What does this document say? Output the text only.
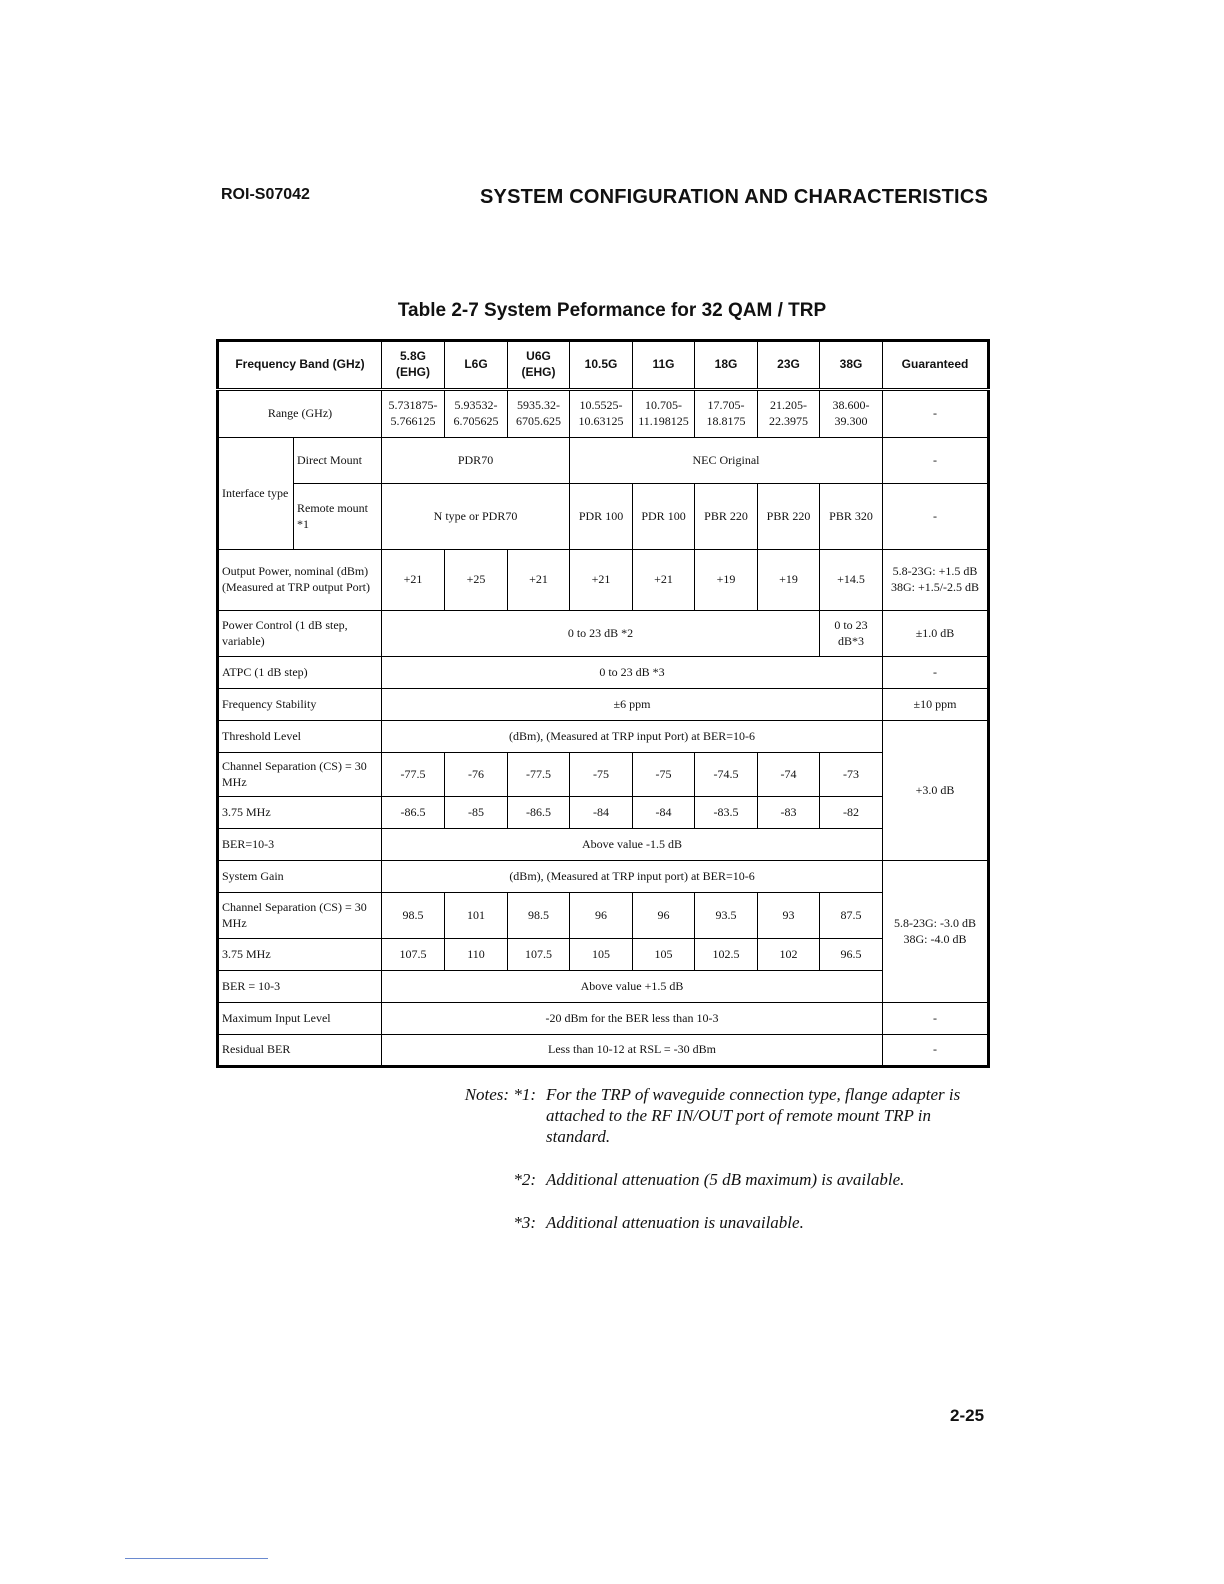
ROI-S07042	SYSTEM CONFIGURATION AND CHARACTERISTICS
Table 2-7 System Peformance for 32 QAM / TRP
Frequency Band (GHz)		5.8G (EHG)	L6G	U6G (EHG)	10.5G	11G	18G	23G	38G	Guaranteed
Range (GHz)		5.731875-5.766125	5.93532-6.705625	5935.32-6705.625	10.5525-10.63125	10.705-11.198125	17.705-18.8175	21.205-22.3975	38.600-39.300	-
Interface type	Direct Mount	PDR70			NEC Original					-
	Remote mount *1	N type or PDR70			PDR 100	PDR 100	PBR 220	PBR 220	PBR 320	-
Output Power, nominal (dBm) (Measured at TRP output Port)		+21	+25	+21	+21	+21	+19	+19	+14.5	5.8-23G: +1.5 dB 38G: +1.5/-2.5 dB
Power Control (1 dB step, variable)		0 to 23 dB *2							0 to 23 dB*3	±1.0 dB
ATPC (1 dB step)		0 to 23 dB *3								-
Frequency Stability		±6 ppm								±10 ppm
Threshold Level		(dBm), (Measured at TRP input Port) at BER=10-6								+3.0 dB
Channel Separation (CS) = 30 MHz		-77.5	-76	-77.5	-75	-75	-74.5	-74	-73	
3.75 MHz		-86.5	-85	-86.5	-84	-84	-83.5	-83	-82	
BER=10-3		Above value -1.5 dB								
System Gain		(dBm), (Measured at TRP input port) at BER=10-6								5.8-23G: -3.0 dB 38G: -4.0 dB
Channel Separation (CS) = 30 MHz		98.5	101	98.5	96	96	93.5	93	87.5	
3.75 MHz		107.5	110	107.5	105	105	102.5	102	96.5	
BER = 10-3		Above value +1.5 dB								
Maximum Input Level		-20 dBm for the BER less than 10-3								-
Residual BER		Less than 10-12 at RSL = -30 dBm								-
Notes: *1: For the TRP of waveguide connection type, flange adapter is attached to the RF IN/OUT port of remote mount TRP in standard.
*2: Additional attenuation (5 dB maximum) is available.
*3: Additional attenuation is unavailable.
2-25
